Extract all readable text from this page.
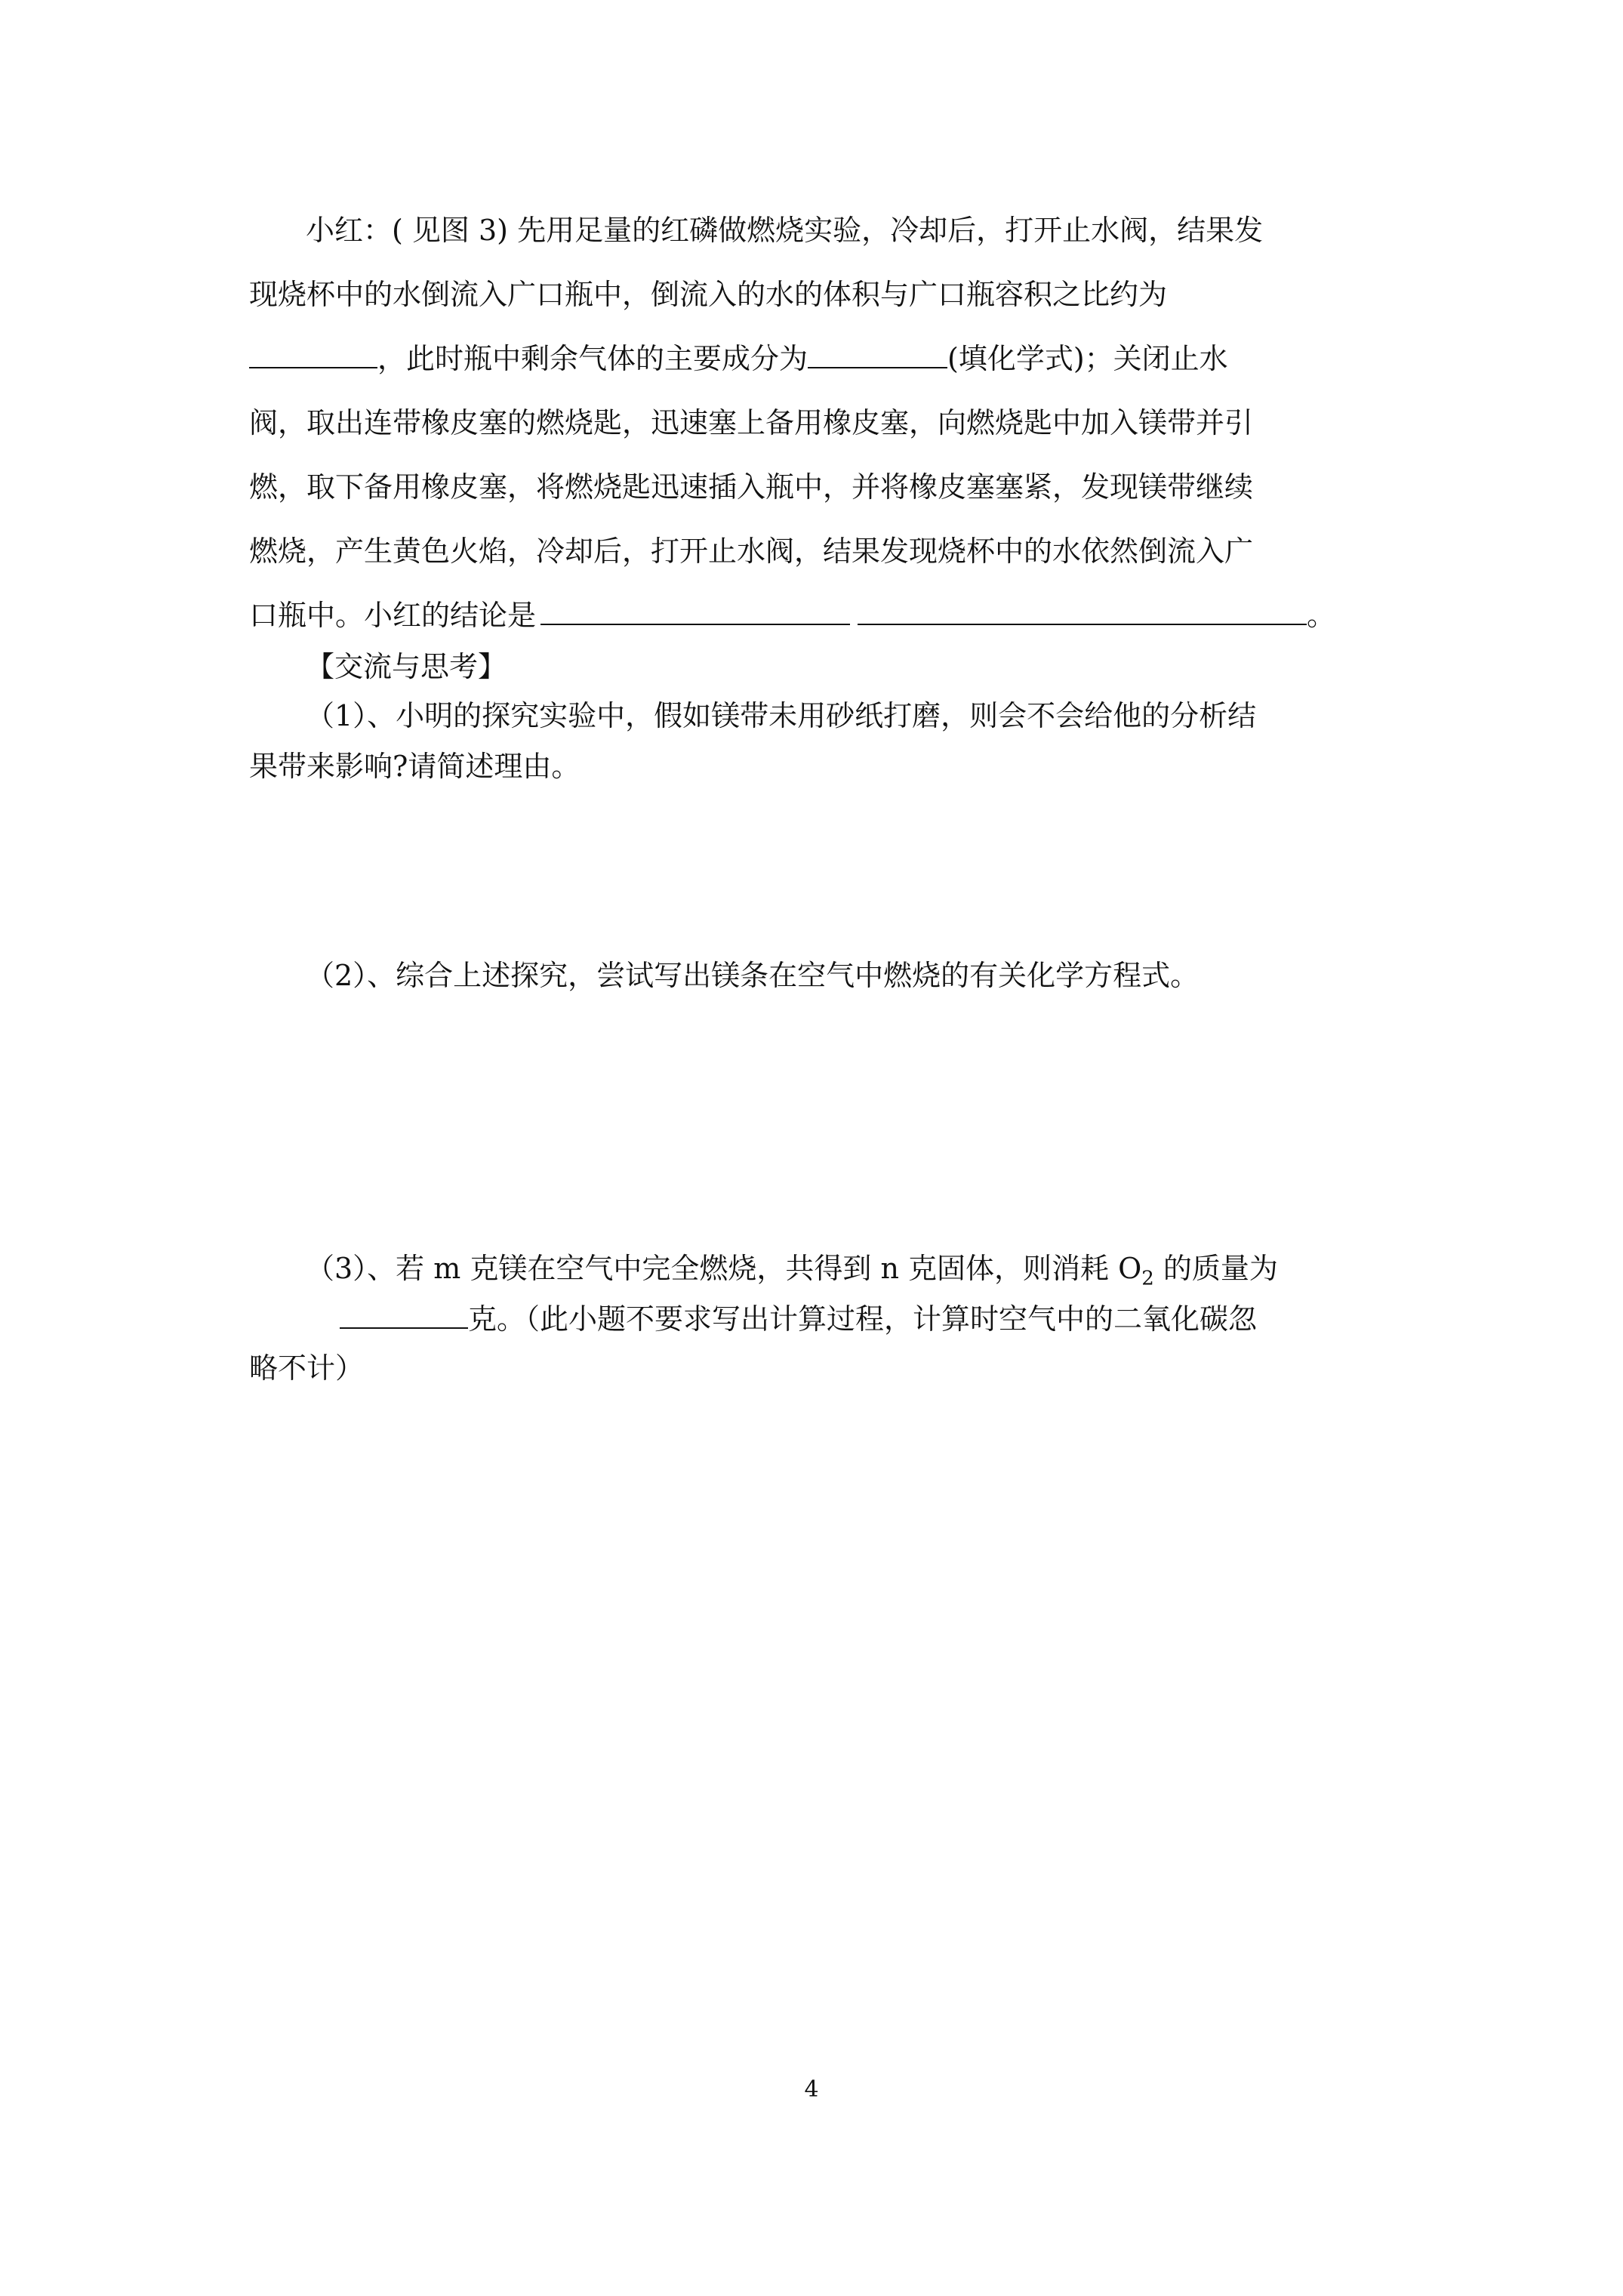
小红：( 见图 3) 先用足量的红磷做燃烧实验，冷却后，打开止水阀，结果发
现烧杯中的水倒流入广口瓶中，倒流入的水的体积与广口瓶容积之比约为
，此时瓶中剩余气体的主要成分为	(填化学式)；关闭止水
阀，取出连带橡皮塞的燃烧匙，迅速塞上备用橡皮塞，向燃烧匙中加入镁带并引
燃，取下备用橡皮塞，将燃烧匙迅速插入瓶中，并将橡皮塞塞紧，发现镁带继续
燃烧，产生黄色火焰，冷却后，打开止水阀，结果发现烧杯中的水依然倒流入广
口瓶中。小红的结论是	。
【交流与思考】
（1）、小明的探究实验中，假如镁带未用砂纸打磨，则会不会给他的分析结
果带来影响?请简述理由。
（2）、综合上述探究，尝试写出镁条在空气中燃烧的有关化学方程式。
（3）、若 m 克镁在空气中完全燃烧，共得到 n 克固体，则消耗 $O_2$ 的质量为
克。（此小题不要求写出计算过程，计算时空气中的二氧化碳忽
略不计）
4
